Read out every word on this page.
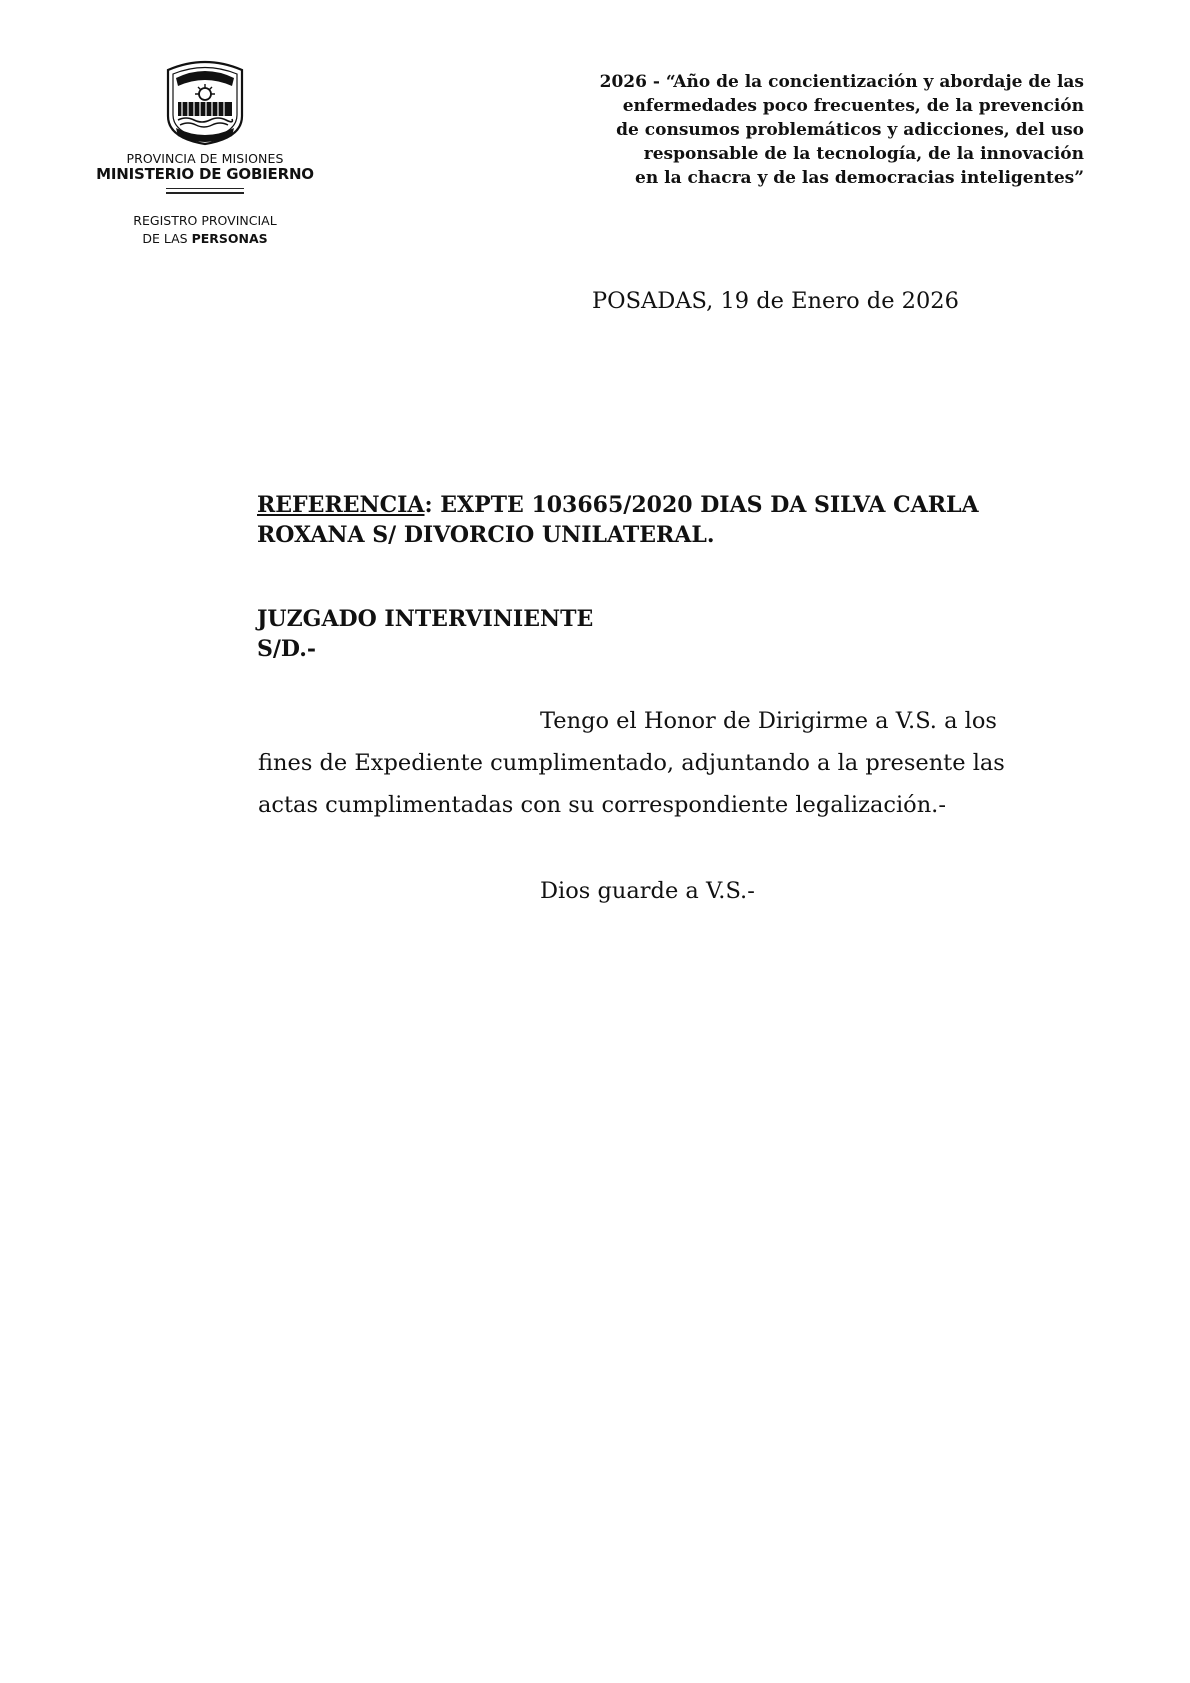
PROVINCIA DE MISIONES
MINISTERIO DE GOBIERNO
REGISTRO PROVINCIAL
DE LAS PERSONAS
2026 - “Año de la concientización y abordaje de las
enfermedades poco frecuentes, de la prevención
de consumos problemáticos y adicciones, del uso
responsable de la tecnología, de la innovación
en la chacra y de las democracias inteligentes”
POSADAS, 19 de Enero de 2026
REFERENCIA: EXPTE 103665/2020 DIAS DA SILVA CARLA
ROXANA S/ DIVORCIO UNILATERAL.
JUZGADO INTERVINIENTE
S/D.-
Tengo el Honor de Dirigirme a V.S. a los
fines de Expediente cumplimentado, adjuntando a la presente las
actas cumplimentadas con su correspondiente legalización.-
Dios guarde a V.S.-
